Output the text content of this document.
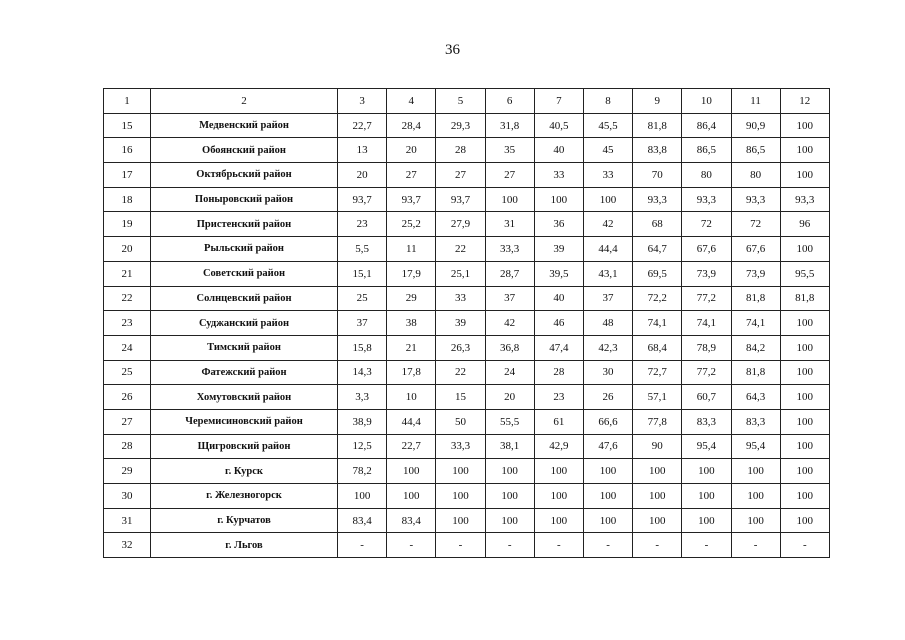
36
1	2	3	4	5	6	7	8	9	10	11	12
15	Медвенский район	22,7	28,4	29,3	31,8	40,5	45,5	81,8	86,4	90,9	100
16	Обоянский район	13	20	28	35	40	45	83,8	86,5	86,5	100
17	Октябрьский район	20	27	27	27	33	33	70	80	80	100
18	Поныровский район	93,7	93,7	93,7	100	100	100	93,3	93,3	93,3	93,3
19	Пристенский район	23	25,2	27,9	31	36	42	68	72	72	96
20	Рыльский район	5,5	11	22	33,3	39	44,4	64,7	67,6	67,6	100
21	Советский район	15,1	17,9	25,1	28,7	39,5	43,1	69,5	73,9	73,9	95,5
22	Солнцевский район	25	29	33	37	40	37	72,2	77,2	81,8	81,8
23	Суджанский район	37	38	39	42	46	48	74,1	74,1	74,1	100
24	Тимский район	15,8	21	26,3	36,8	47,4	42,3	68,4	78,9	84,2	100
25	Фатежский район	14,3	17,8	22	24	28	30	72,7	77,2	81,8	100
26	Хомутовский район	3,3	10	15	20	23	26	57,1	60,7	64,3	100
27	Черемисиновский район	38,9	44,4	50	55,5	61	66,6	77,8	83,3	83,3	100
28	Щигровский район	12,5	22,7	33,3	38,1	42,9	47,6	90	95,4	95,4	100
29	г. Курск	78,2	100	100	100	100	100	100	100	100	100
30	г. Железногорск	100	100	100	100	100	100	100	100	100	100
31	г. Курчатов	83,4	83,4	100	100	100	100	100	100	100	100
32	г. Льгов	-	-	-	-	-	-	-	-	-	-
